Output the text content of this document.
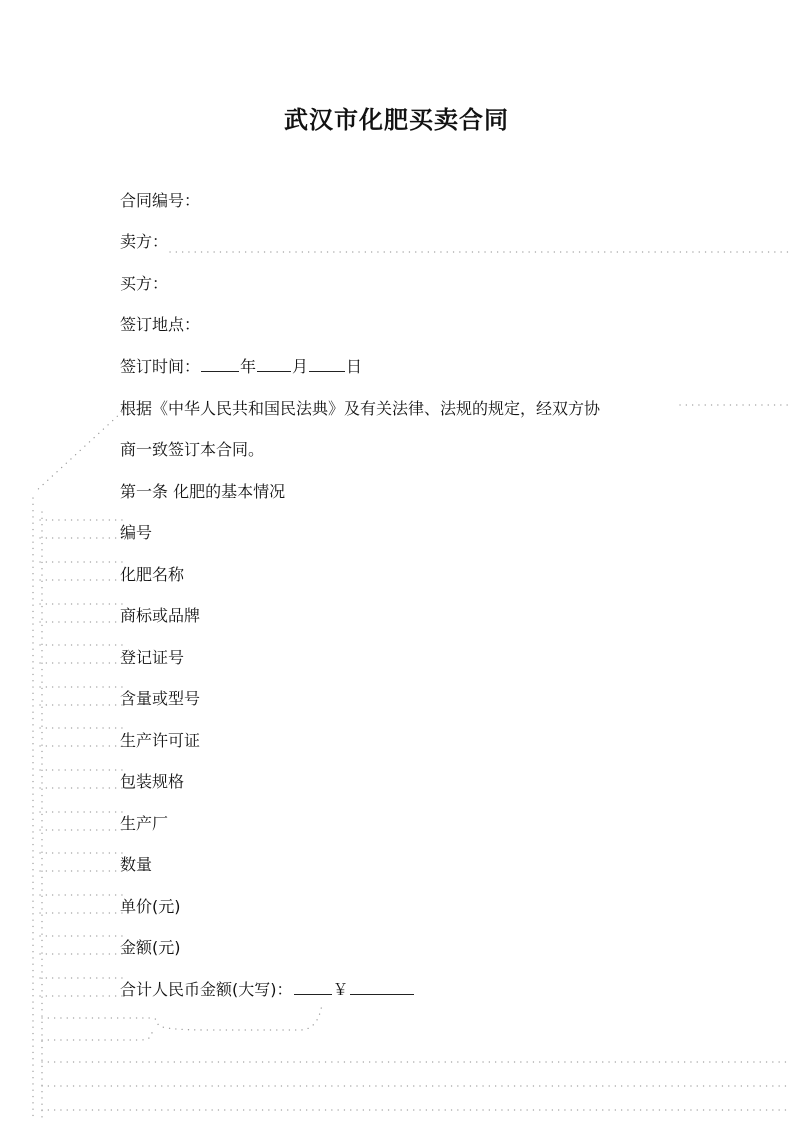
武汉市化肥买卖合同
合同编号：
卖方：
买方：
签订地点：
签订时间：	年 月 日
根据《中华人民共和国民法典》及有关法律、法规的规定，经双方协
商一致签订本合同。
第一条 化肥的基本情况
编号
化肥名称
商标或品牌
登记证号
含量或型号
生产许可证
包装规格
生产厂
数量
单价(元)
金额(元)
合计人民币金额(大写)：	￥
